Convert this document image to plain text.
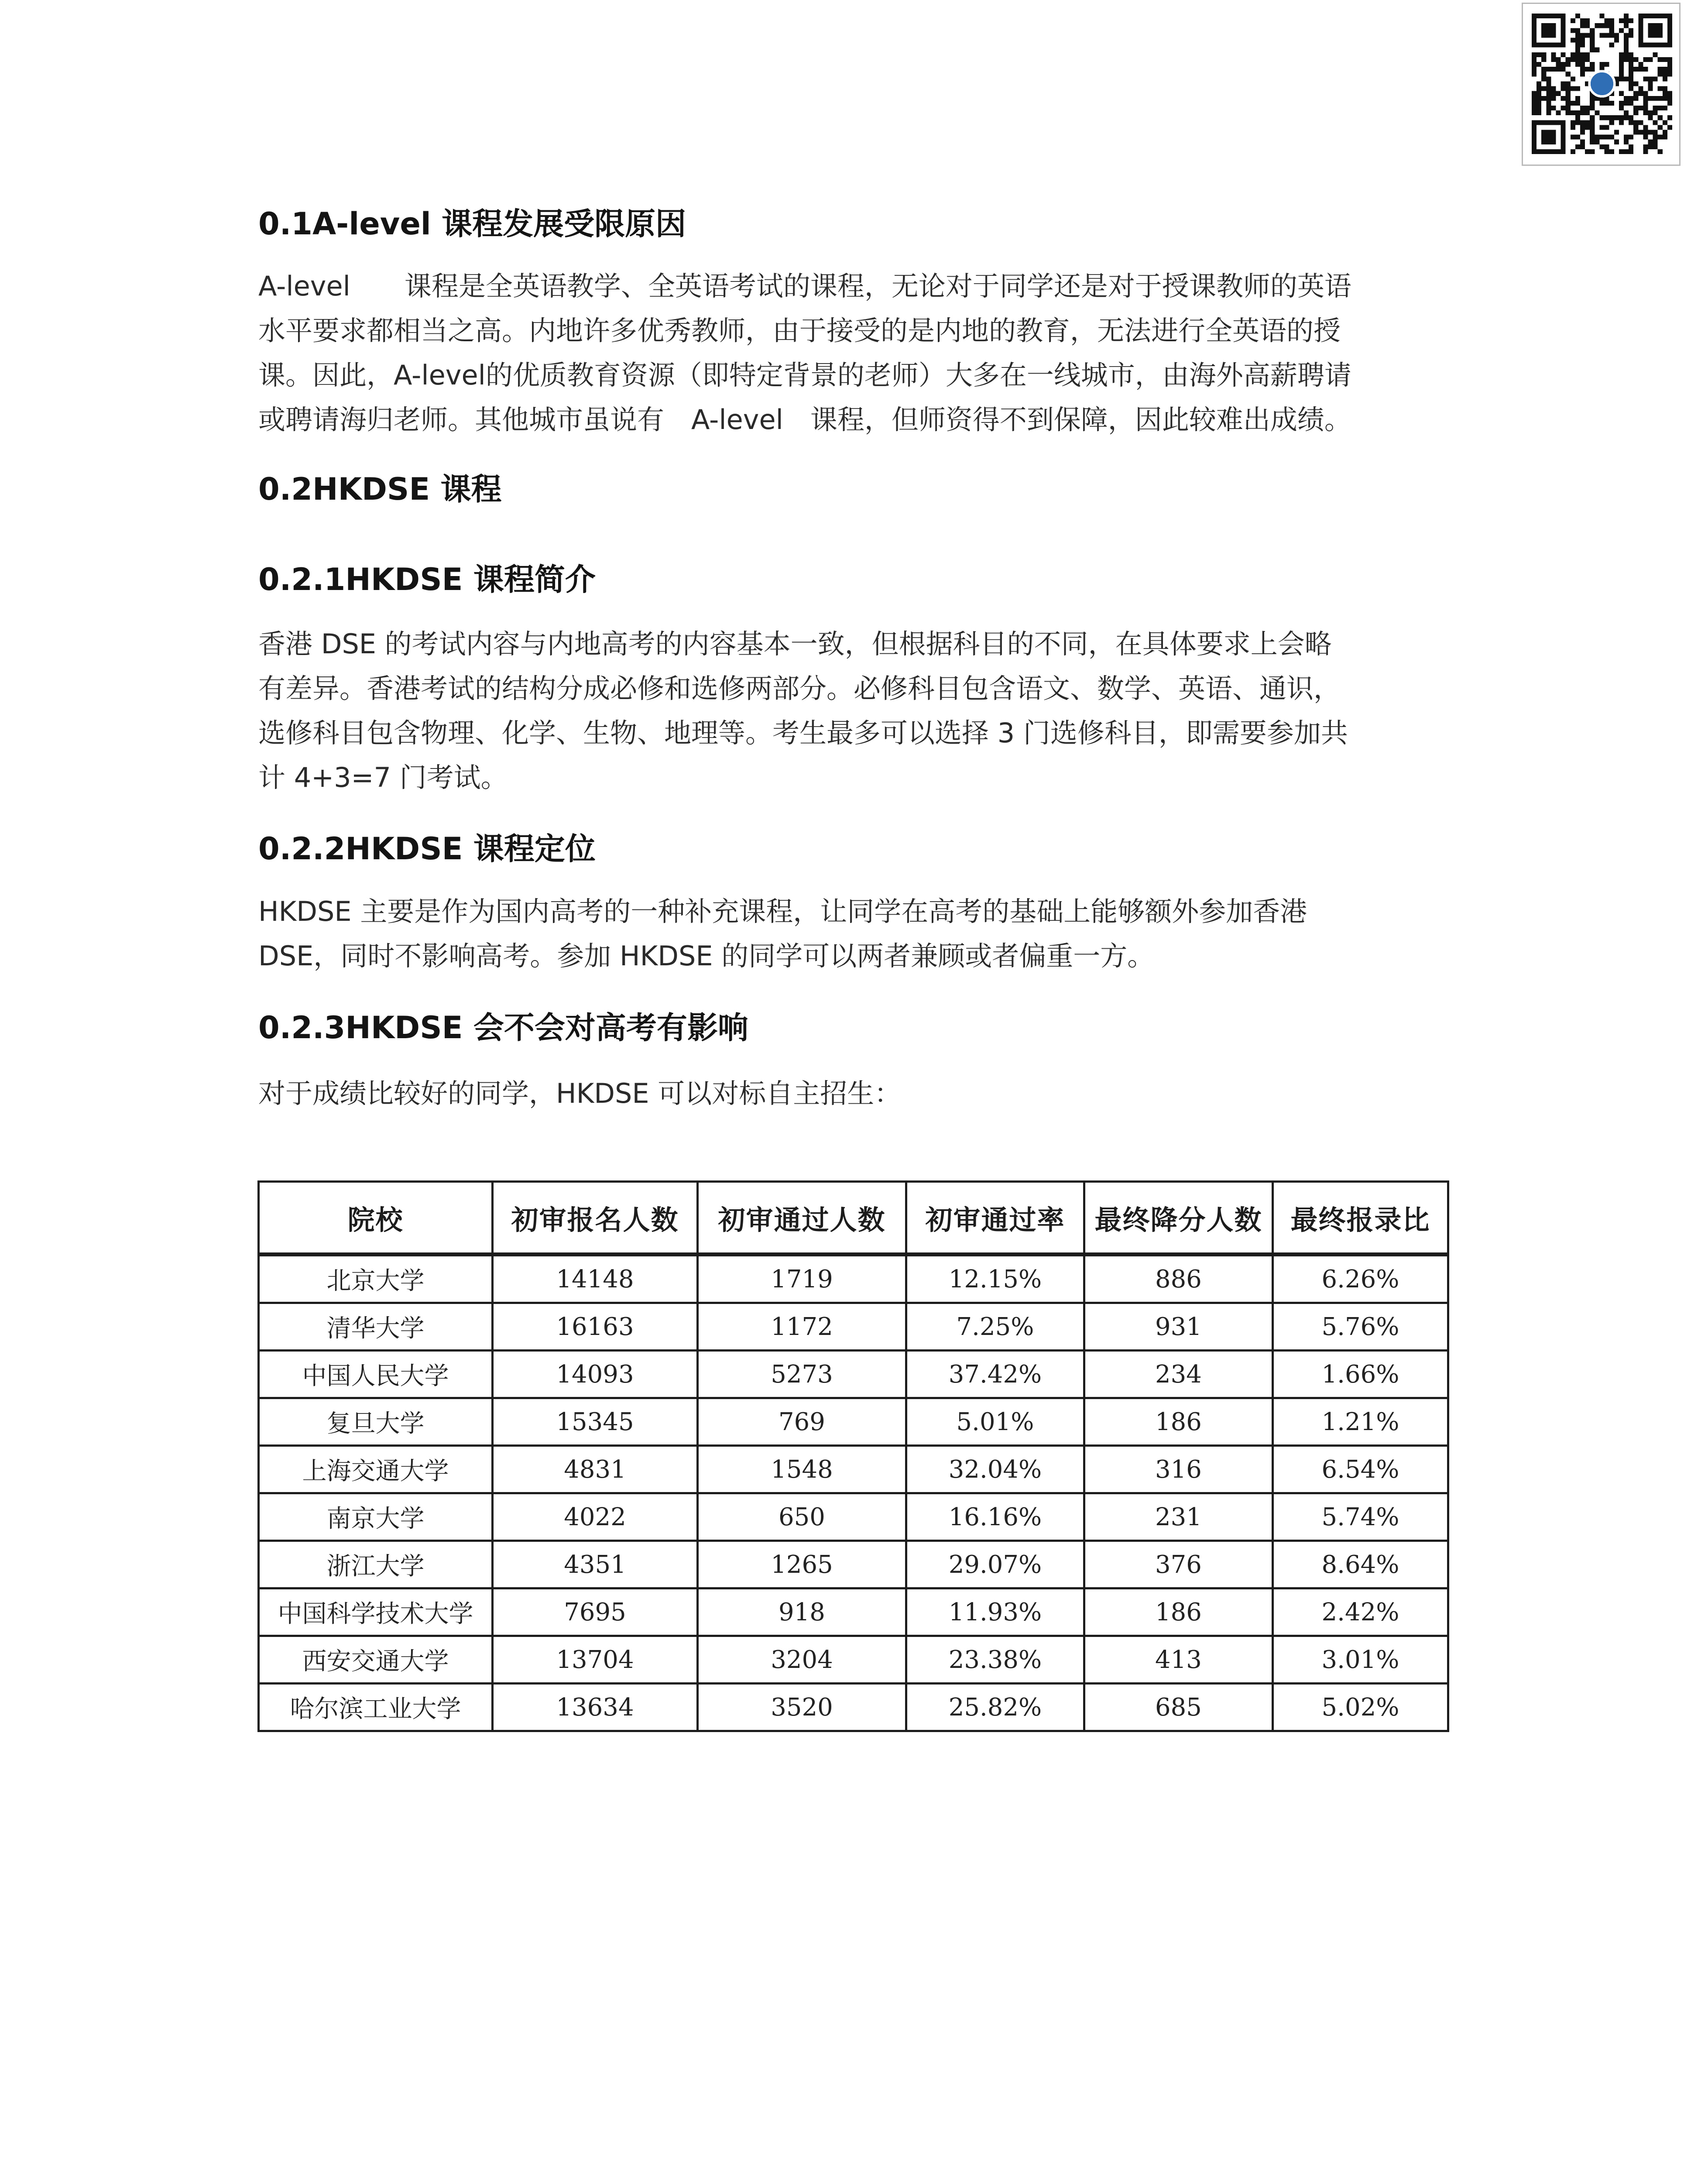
0.1A-level 课程发展受限原因
A-level　　课程是全英语教学、全英语考试的课程，无论对于同学还是对于授课教师的英语
水平要求都相当之高。内地许多优秀教师，由于接受的是内地的教育，无法进行全英语的授
课。因此，A-level的优质教育资源（即特定背景的老师）大多在一线城市，由海外高薪聘请
或聘请海归老师。其他城市虽说有　A-level　课程，但师资得不到保障，因此较难出成绩。
0.2HKDSE 课程
0.2.1HKDSE 课程简介
香港 DSE 的考试内容与内地高考的内容基本一致，但根据科目的不同，在具体要求上会略
有差异。香港考试的结构分成必修和选修两部分。必修科目包含语文、数学、英语、通识，
选修科目包含物理、化学、生物、地理等。考生最多可以选择 3 门选修科目，即需要参加共
计 4+3=7 门考试。
0.2.2HKDSE 课程定位
HKDSE 主要是作为国内高考的一种补充课程，让同学在高考的基础上能够额外参加香港
DSE，同时不影响高考。参加 HKDSE 的同学可以两者兼顾或者偏重一方。
0.2.3HKDSE 会不会对高考有影响
对于成绩比较好的同学，HKDSE 可以对标自主招生：
院校	初审报名人数	初审通过人数	初审通过率	最终降分人数	最终报录比
北京大学	14148	1719	12.15%	886	6.26%
清华大学	16163	1172	7.25%	931	5.76%
中国人民大学	14093	5273	37.42%	234	1.66%
复旦大学	15345	769	5.01%	186	1.21%
上海交通大学	4831	1548	32.04%	316	6.54%
南京大学	4022	650	16.16%	231	5.74%
浙江大学	4351	1265	29.07%	376	8.64%
中国科学技术大学	7695	918	11.93%	186	2.42%
西安交通大学	13704	3204	23.38%	413	3.01%
哈尔滨工业大学	13634	3520	25.82%	685	5.02%
